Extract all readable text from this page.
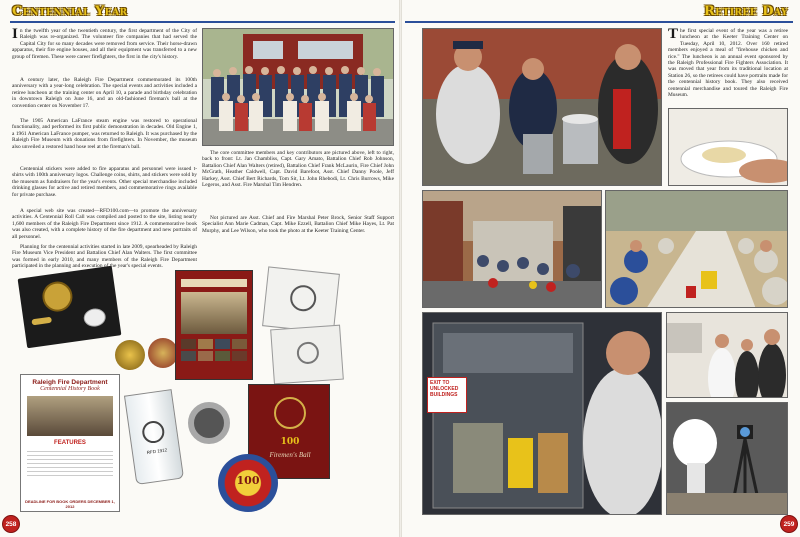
Centennial Year
In the twelfth year of the twentieth century, the first department of the City of Raleigh was re-organized. The volunteer fire companies that had served the Capital City for so many decades were removed from service. Their horse-drawn apparatus, their fire engine houses, and all their equipment was transferred to a new group of firemen. These were career firefighters, the first in the city's history.
A century later, the Raleigh Fire Department commemorated its 100th anniversary with a year-long celebration. The special events and activities included a retiree luncheon at the training center on April 10, a parade and birthday celebration in downtown Raleigh on June 16, and an old-fashioned fireman's ball at the convention center on November 17.
The 1905 American LaFrance steam engine was restored to operational functionality, and performed its first public demonstration in decades. Old Engine 1, a 1961 American LaFrance pumper, was returned to Raleigh. It was purchased by the Raleigh Fire Museum with donations from firefighters. In November, the museum also unveiled a restored hand hose reel at the fireman's ball.
Centennial stickers were added to fire apparatus and personnel were issued t-shirts with 100th anniversary logos. Challenge coins, shirts, and stickers were sold by the museum as fundraisers for the year's events. Other special merchandise included drinking glasses for active and retired members, and commemorative rings available for private purchase.
A special web site was created—RFD100.com—to promote the anniversary activities. A Centennial Roll Call was compiled and posted to the site, listing nearly 1,600 members of the Raleigh Fire Department since 1912. A commemorative book was also created, with a complete history of the fire department and new portraits of all personnel.
Planning for the centennial activities started in late 2009, spearheaded by Raleigh Fire Museum Vice President and Battalion Chief Alan Walters. The first committee was formed in early 2010, and many members of the Raleigh Fire Department participated in the planning and execution of the year's special events.
The core committee members and key contributors are pictured above, left to right, back to front: Lt. Jan Chambliss, Capt. Gary Amato, Battalion Chief Rob Johnson, Battalion Chief Alan Walters (retired), Battalion Chief Frank McLaurin, Fire Chief John McGrath, Heather Caldwell, Capt. David Barefoot, Asst. Chief Danny Poole, Jeff Harkey, Asst. Chief Bert Richards, Tom Sit, Lt. John Rhebodi, Lt. Chris Burrows, Mike Legeros, and Asst. Fire Marshal Tim Hendren.
Not pictured are Asst. Chief and Fire Marshal Peter Brock, Senior Staff Support Specialist Ann Marie Cadman, Capt. Mike Ezzell, Battalion Chief Mike Hayes, Lt. Pat Murphy, and Lee Wilson, who took the photo at the Keeter Training Center.
Raleigh Fire Department
Centennial History Book
FEATURES
DEADLINE FOR BOOK ORDERS DECEMBER 1, 2012
RFD 1912
100
Firemen's Ball
100
258
Retiree Day
The first special event of the year was a retiree luncheon at the Keeter Training Center on Tuesday, April 10, 2012. Over 160 retired members enjoyed a meal of "firehouse chicken and rice." The luncheon is an annual event sponsored by the Raleigh Professional Fire Fighters Association. It was moved that year from its traditional location at Station 26, so the retirees could have portraits made for the centennial history book. They also received centennial merchandise and toured the Raleigh Fire Museum.
EXIT TO UNLOCKED BUILDINGS
259
